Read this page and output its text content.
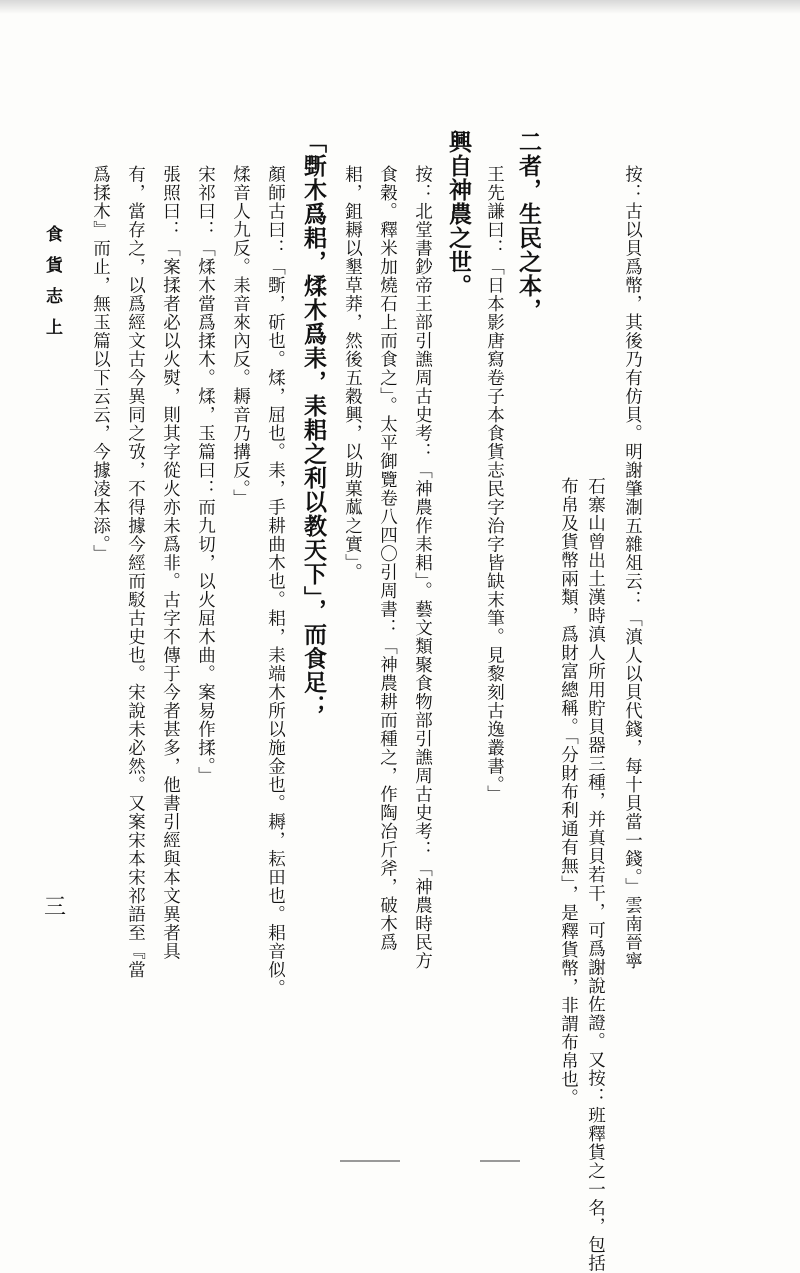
按：古以貝爲幣，其後乃有仿貝。明謝肇淛五雜俎云：「滇人以貝代錢，每十貝當一錢。」雲南晉寧
石寨山曾出土漢時滇人所用貯貝器三種，并真貝若干，可爲謝說佐證。又按：班釋貨之一名，包括
布帛及貨幣兩類，爲財富總稱。「分財布利通有無」，是釋貨幣，非謂布帛也。
二者，生民之本，
興自神農之世。 王先謙曰：「日本影唐寫卷子本食貨志民字治字皆缺末筆。見黎刻古逸叢書。」
按：北堂書鈔帝王部引譙周古史考：「神農作耒耜」。藝文類聚食物部引譙周古史考：「神農時民方
食穀。釋米加燒石上而食之」。太平御覽卷八四〇引周書：「神農耕而種之，作陶冶斤斧，破木爲
耜，鉏耨以墾草莽，然後五穀興，以助菓蓏之實」。
「斲木爲耜，煣木爲耒，耒耜之利以教天下」，而食足；
顏師古曰：「斲，斫也。煣，屈也。耒，手耕曲木也。耜，耒端木所以施金也。耨，耘田也。耜音似。
煣音人九反。耒音來內反。耨音乃搆反。」
宋祁曰：「煣木當爲揉木。煣，玉篇曰：而九切，以火屈木曲。案易作揉。」
張照曰：「案揉者必以火熨，則其字從火亦未爲非。古字不傳于今者甚多，他書引經與本文異者具
有，當存之，以爲經文古今異同之攷，不得據今經而駁古史也。宋說未必然。又案宋本宋祁語至『當
爲揉木』而止，無玉篇以下云云，今據凌本添。」
食貨志上
三
